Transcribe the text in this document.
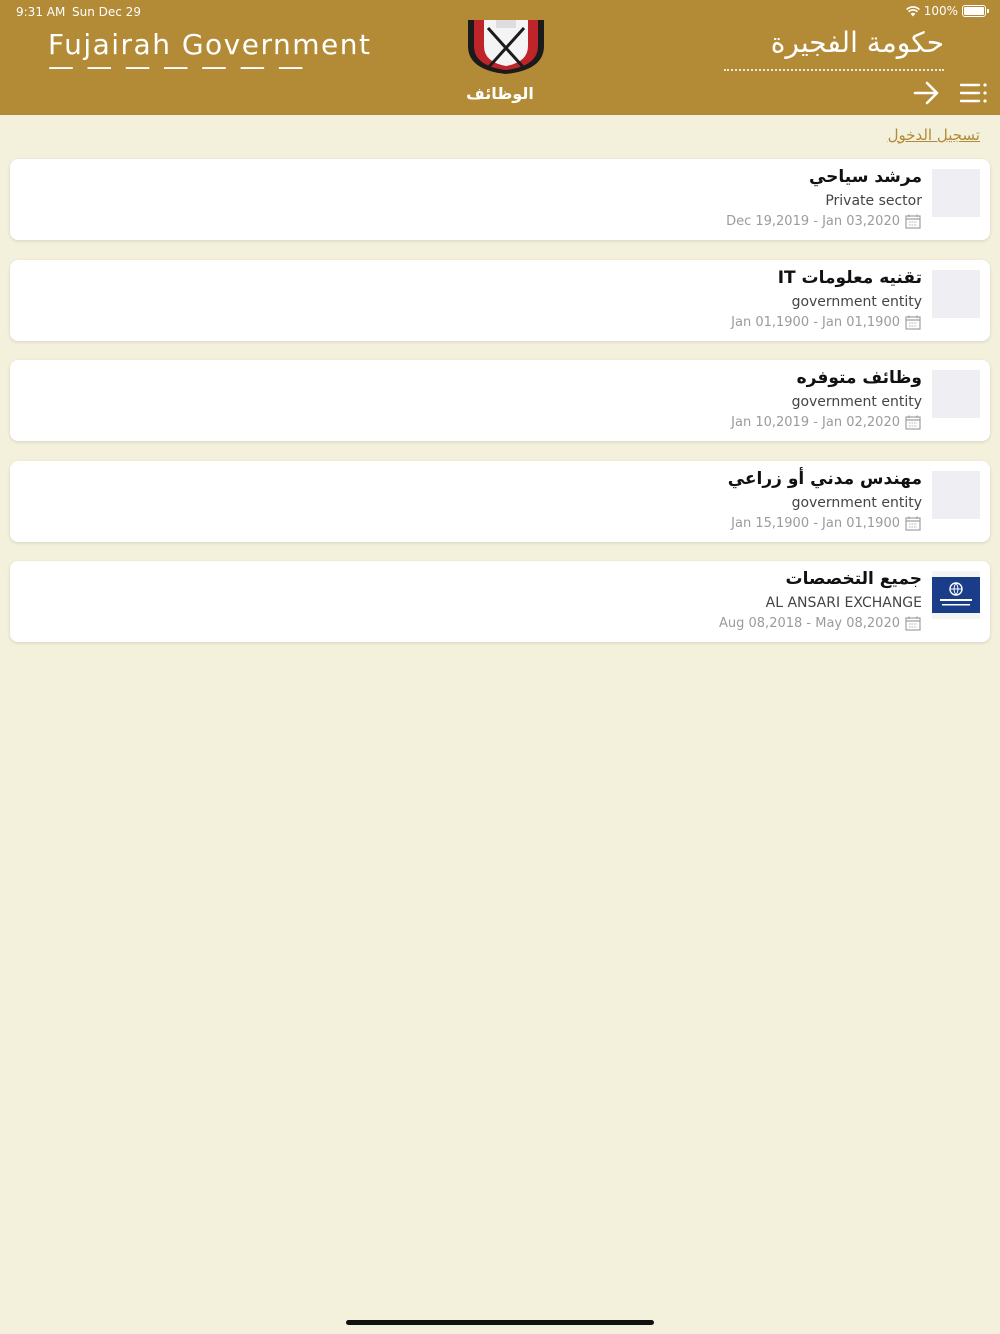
9:31 AM Sun Dec 29	100%
Fujairah Government	حكومة الفجيرة
الوظائف
تسجيل الدخول
مرشد سياحي
Private sector
Dec 19,2019 - Jan 03,2020
تقنيه معلومات IT
government entity
Jan 01,1900 - Jan 01,1900
وظائف متوفره
government entity
Jan 10,2019 - Jan 02,2020
مهندس مدني أو زراعي
government entity
Jan 15,1900 - Jan 01,1900
جميع التخصصات
AL ANSARI EXCHANGE
Aug 08,2018 - May 08,2020
